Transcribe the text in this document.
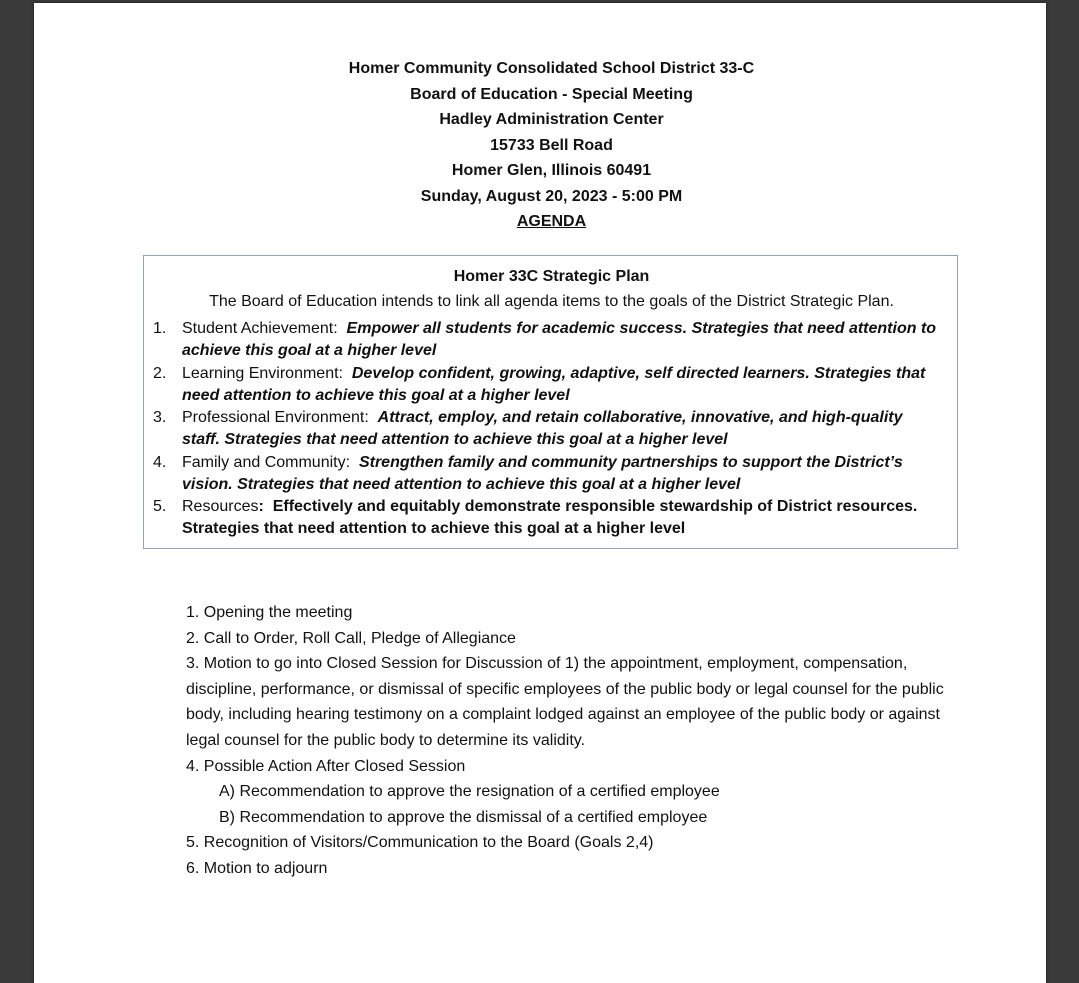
Homer Community Consolidated School District 33-C
Board of Education - Special Meeting
Hadley Administration Center
15733 Bell Road
Homer Glen, Illinois 60491
Sunday, August 20, 2023 - 5:00 PM
AGENDA
Homer 33C Strategic Plan
The Board of Education intends to link all agenda items to the goals of the District Strategic Plan.
1. Student Achievement:  Empower all students for academic success. Strategies that need attention to achieve this goal at a higher level
2. Learning Environment:  Develop confident, growing, adaptive, self directed learners. Strategies that need attention to achieve this goal at a higher level
3. Professional Environment:  Attract, employ, and retain collaborative, innovative, and high-quality staff. Strategies that need attention to achieve this goal at a higher level
4. Family and Community:  Strengthen family and community partnerships to support the District’s vision. Strategies that need attention to achieve this goal at a higher level
5. Resources:  Effectively and equitably demonstrate responsible stewardship of District resources. Strategies that need attention to achieve this goal at a higher level

1. Opening the meeting

2. Call to Order, Roll Call, Pledge of Allegiance

3. Motion to go into Closed Session for Discussion of 1) the appointment, employment, compensation, discipline, performance, or dismissal of specific employees of the public body or legal counsel for the public body, including hearing testimony on a complaint lodged against an employee of the public body or against legal counsel for the public body to determine its validity.

4. Possible Action After Closed Session

A) Recommendation to approve the resignation of a certified employee

B) Recommendation to approve the dismissal of a certified employee

5. Recognition of Visitors/Communication to the Board (Goals 2,4)

6. Motion to adjourn
